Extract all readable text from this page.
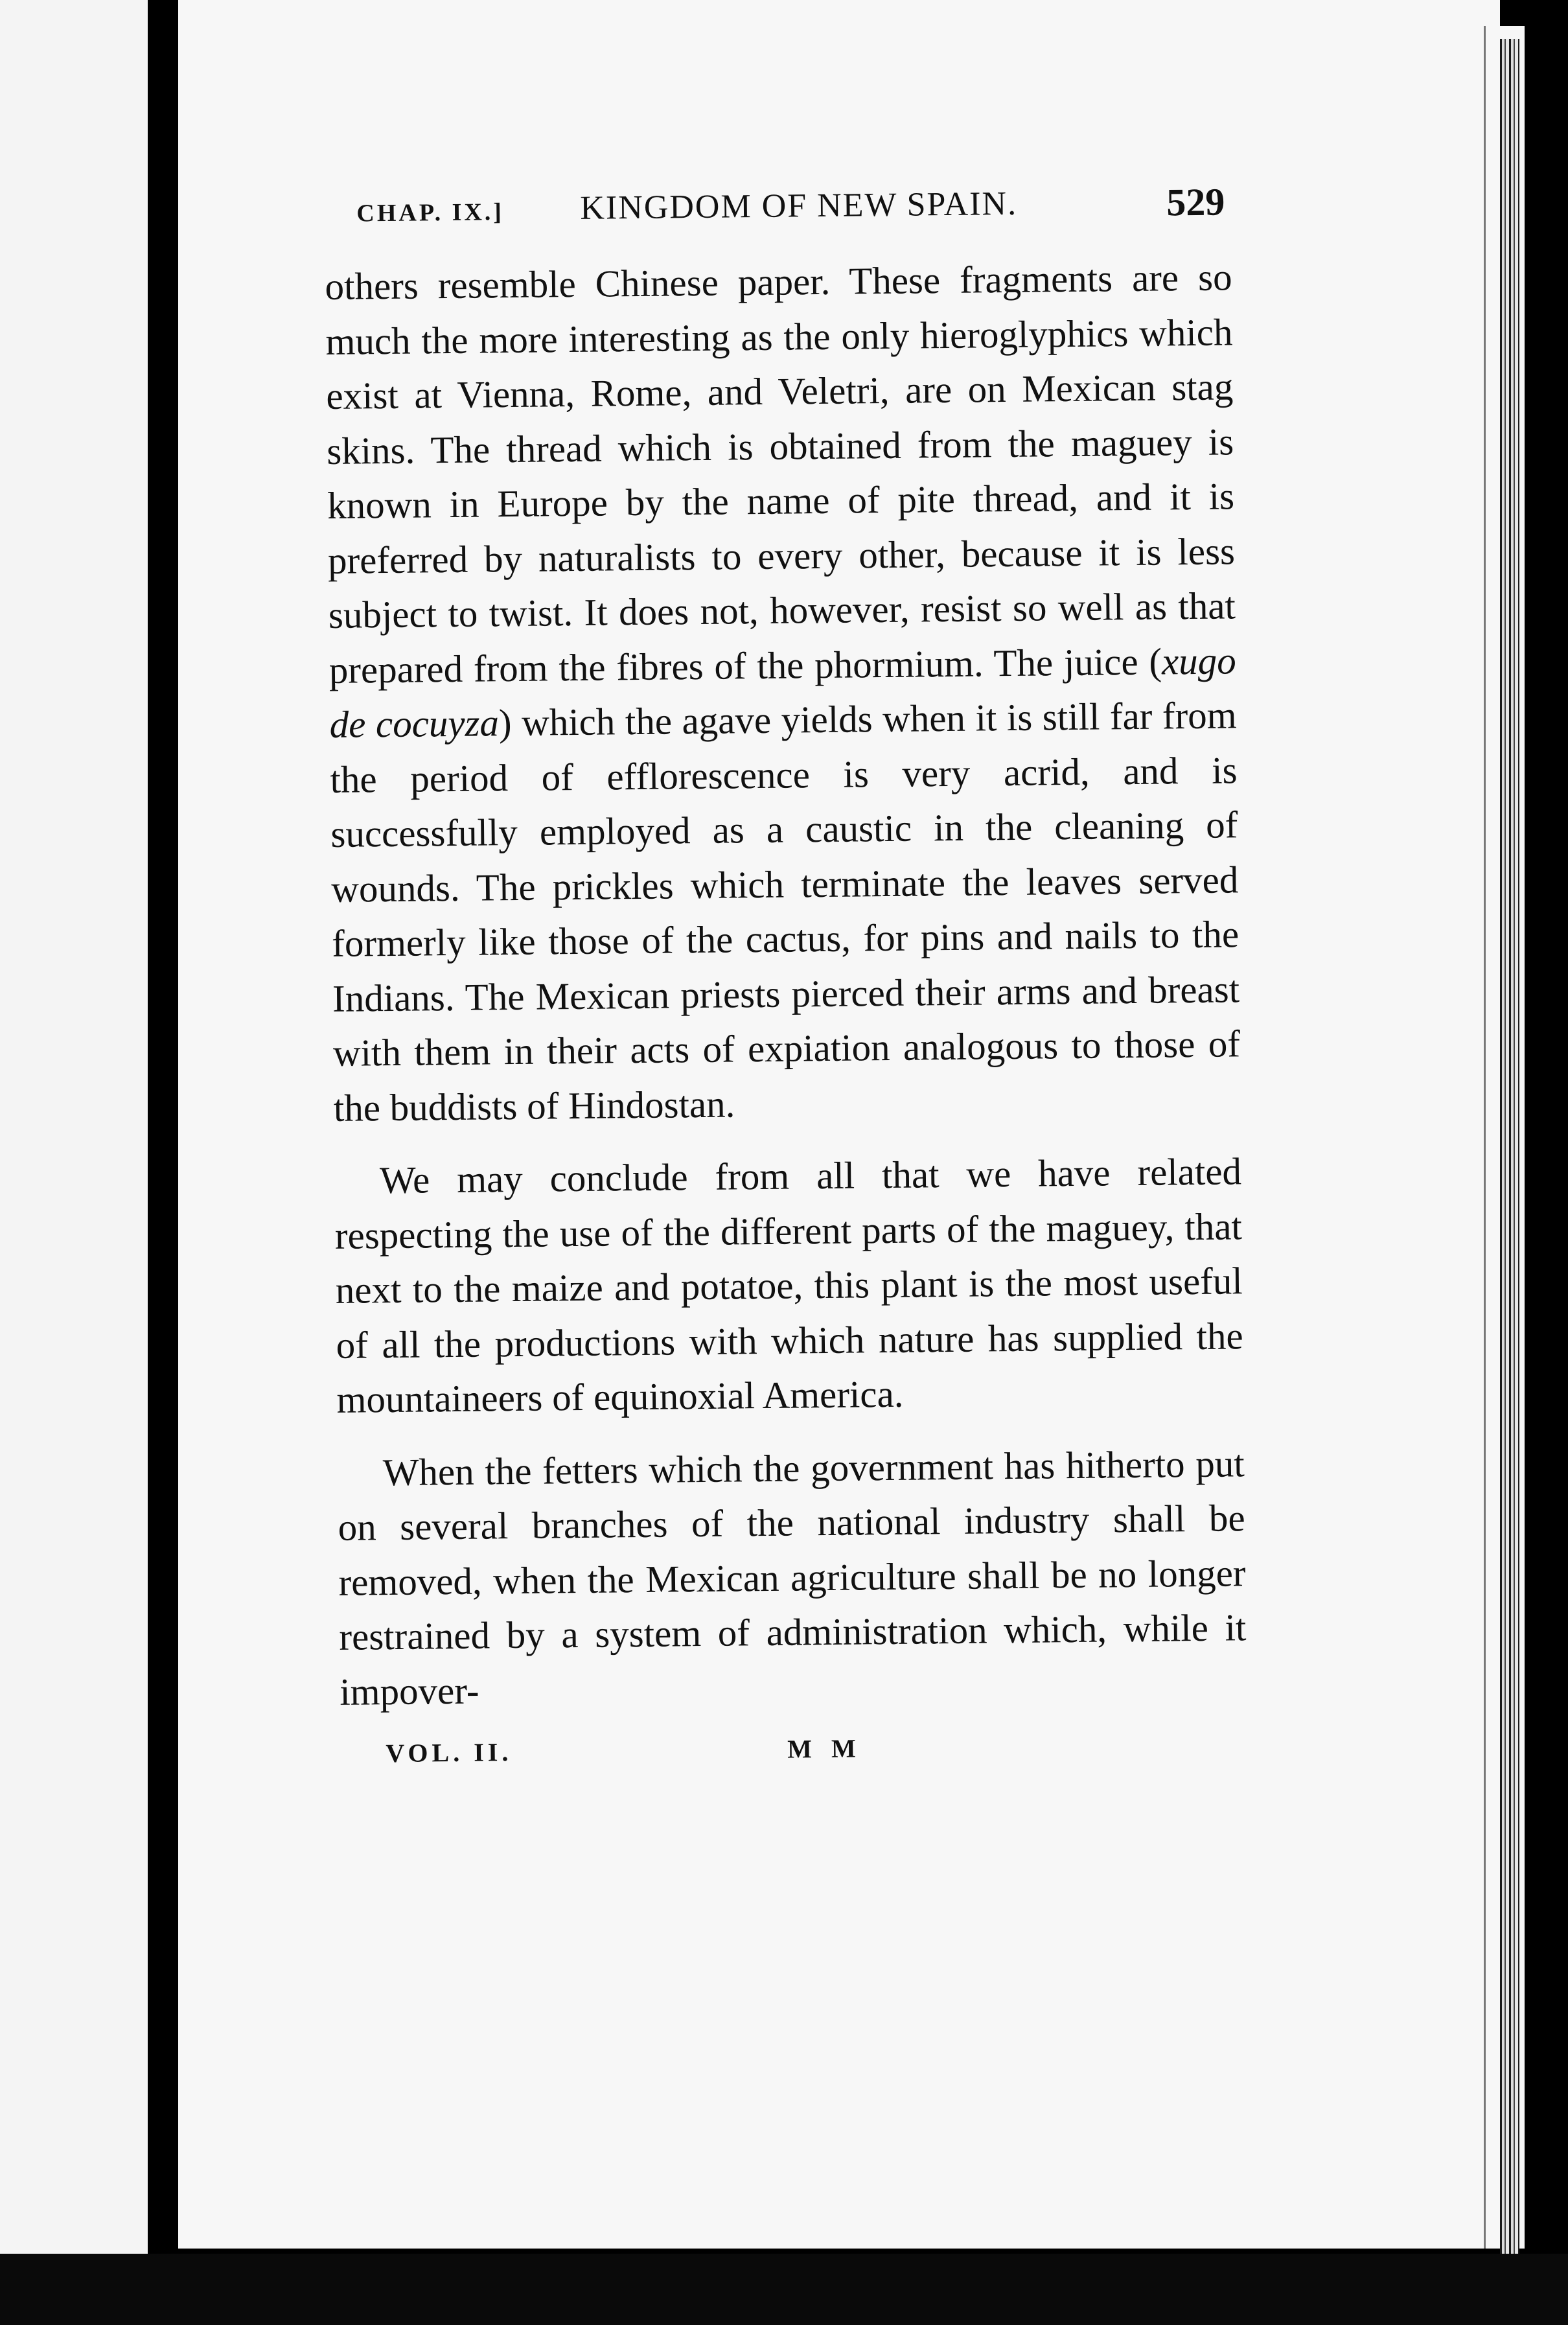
CHAP. IX.] KINGDOM OF NEW SPAIN.	529

others resemble Chinese paper. These fragments are so much the more interesting as the only hieroglyphics which exist at Vienna, Rome, and Veletri, are on Mexican stag skins. The thread which is obtained from the maguey is known in Europe by the name of pite thread, and it is preferred by naturalists to every other, because it is less subject to twist. It does not, however, resist so well as that prepared from the fibres of the phormium. The juice (xugo de cocuyza) which the agave yields when it is still far from the period of efflorescence is very acrid, and is successfully employed as a caustic in the cleaning of wounds. The prickles which terminate the leaves served formerly like those of the cactus, for pins and nails to the Indians. The Mexican priests pierced their arms and breast with them in their acts of expiation analogous to those of the buddists of Hindostan.

We may conclude from all that we have related respecting the use of the different parts of the maguey, that next to the maize and potatoe, this plant is the most useful of all the productions with which nature has supplied the mountaineers of equinoxial America.

When the fetters which the government has hitherto put on several branches of the national industry shall be removed, when the Mexican agriculture shall be no longer restrained by a system of administration which, while it impover-

VOL. II.	M M
